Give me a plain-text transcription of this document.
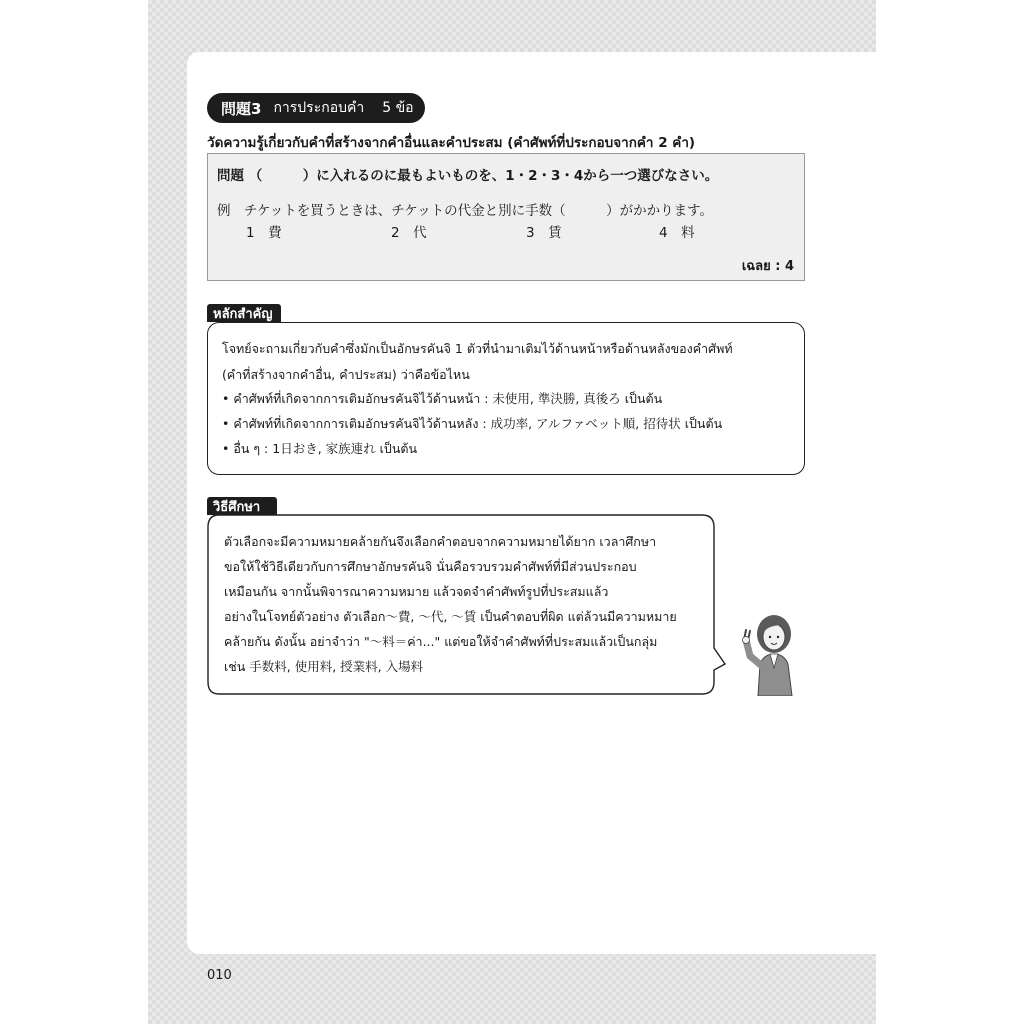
問題3 การประกอบคำ 5 ข้อ
วัดความรู้เกี่ยวกับคำที่สร้างจากคำอื่นและคำประสม (คำศัพท์ที่ประกอบจากคำ 2 คำ)
問題 （　　　）に入れるのに最もよいものを、1・2・3・4から一つ選びなさい。
例　チケットを買うときは、チケットの代金と別に手数（　　　）がかかります。
1　費	2　代	3　賃	4　料
เฉลย : 4
หลักสำคัญ
โจทย์จะถามเกี่ยวกับคำซึ่งมักเป็นอักษรคันจิ 1 ตัวที่นำมาเติมไว้ด้านหน้าหรือด้านหลังของคำศัพท์
(คำที่สร้างจากคำอื่น, คำประสม) ว่าคือข้อไหน
• คำศัพท์ที่เกิดจากการเติมอักษรคันจิไว้ด้านหน้า : 未使用, 準決勝, 真後ろ เป็นต้น
• คำศัพท์ที่เกิดจากการเติมอักษรคันจิไว้ด้านหลัง : 成功率, アルファベット順, 招待状 เป็นต้น
• อื่น ๆ : 1日おき, 家族連れ เป็นต้น
วิธีศึกษา
ตัวเลือกจะมีความหมายคล้ายกันจึงเลือกคำตอบจากความหมายได้ยาก เวลาศึกษา
ขอให้ใช้วิธีเดียวกับการศึกษาอักษรคันจิ นั่นคือรวบรวมคำศัพท์ที่มีส่วนประกอบ
เหมือนกัน จากนั้นพิจารณาความหมาย แล้วจดจำคำศัพท์รูปที่ประสมแล้ว
อย่างในโจทย์ตัวอย่าง ตัวเลือก〜費, 〜代, 〜賃 เป็นคำตอบที่ผิด แต่ล้วนมีความหมาย
คล้ายกัน ดังนั้น อย่าจำว่า "〜料＝ค่า..." แต่ขอให้จำคำศัพท์ที่ประสมแล้วเป็นกลุ่ม
เช่น 手数料, 使用料, 授業料, 入場料
010
